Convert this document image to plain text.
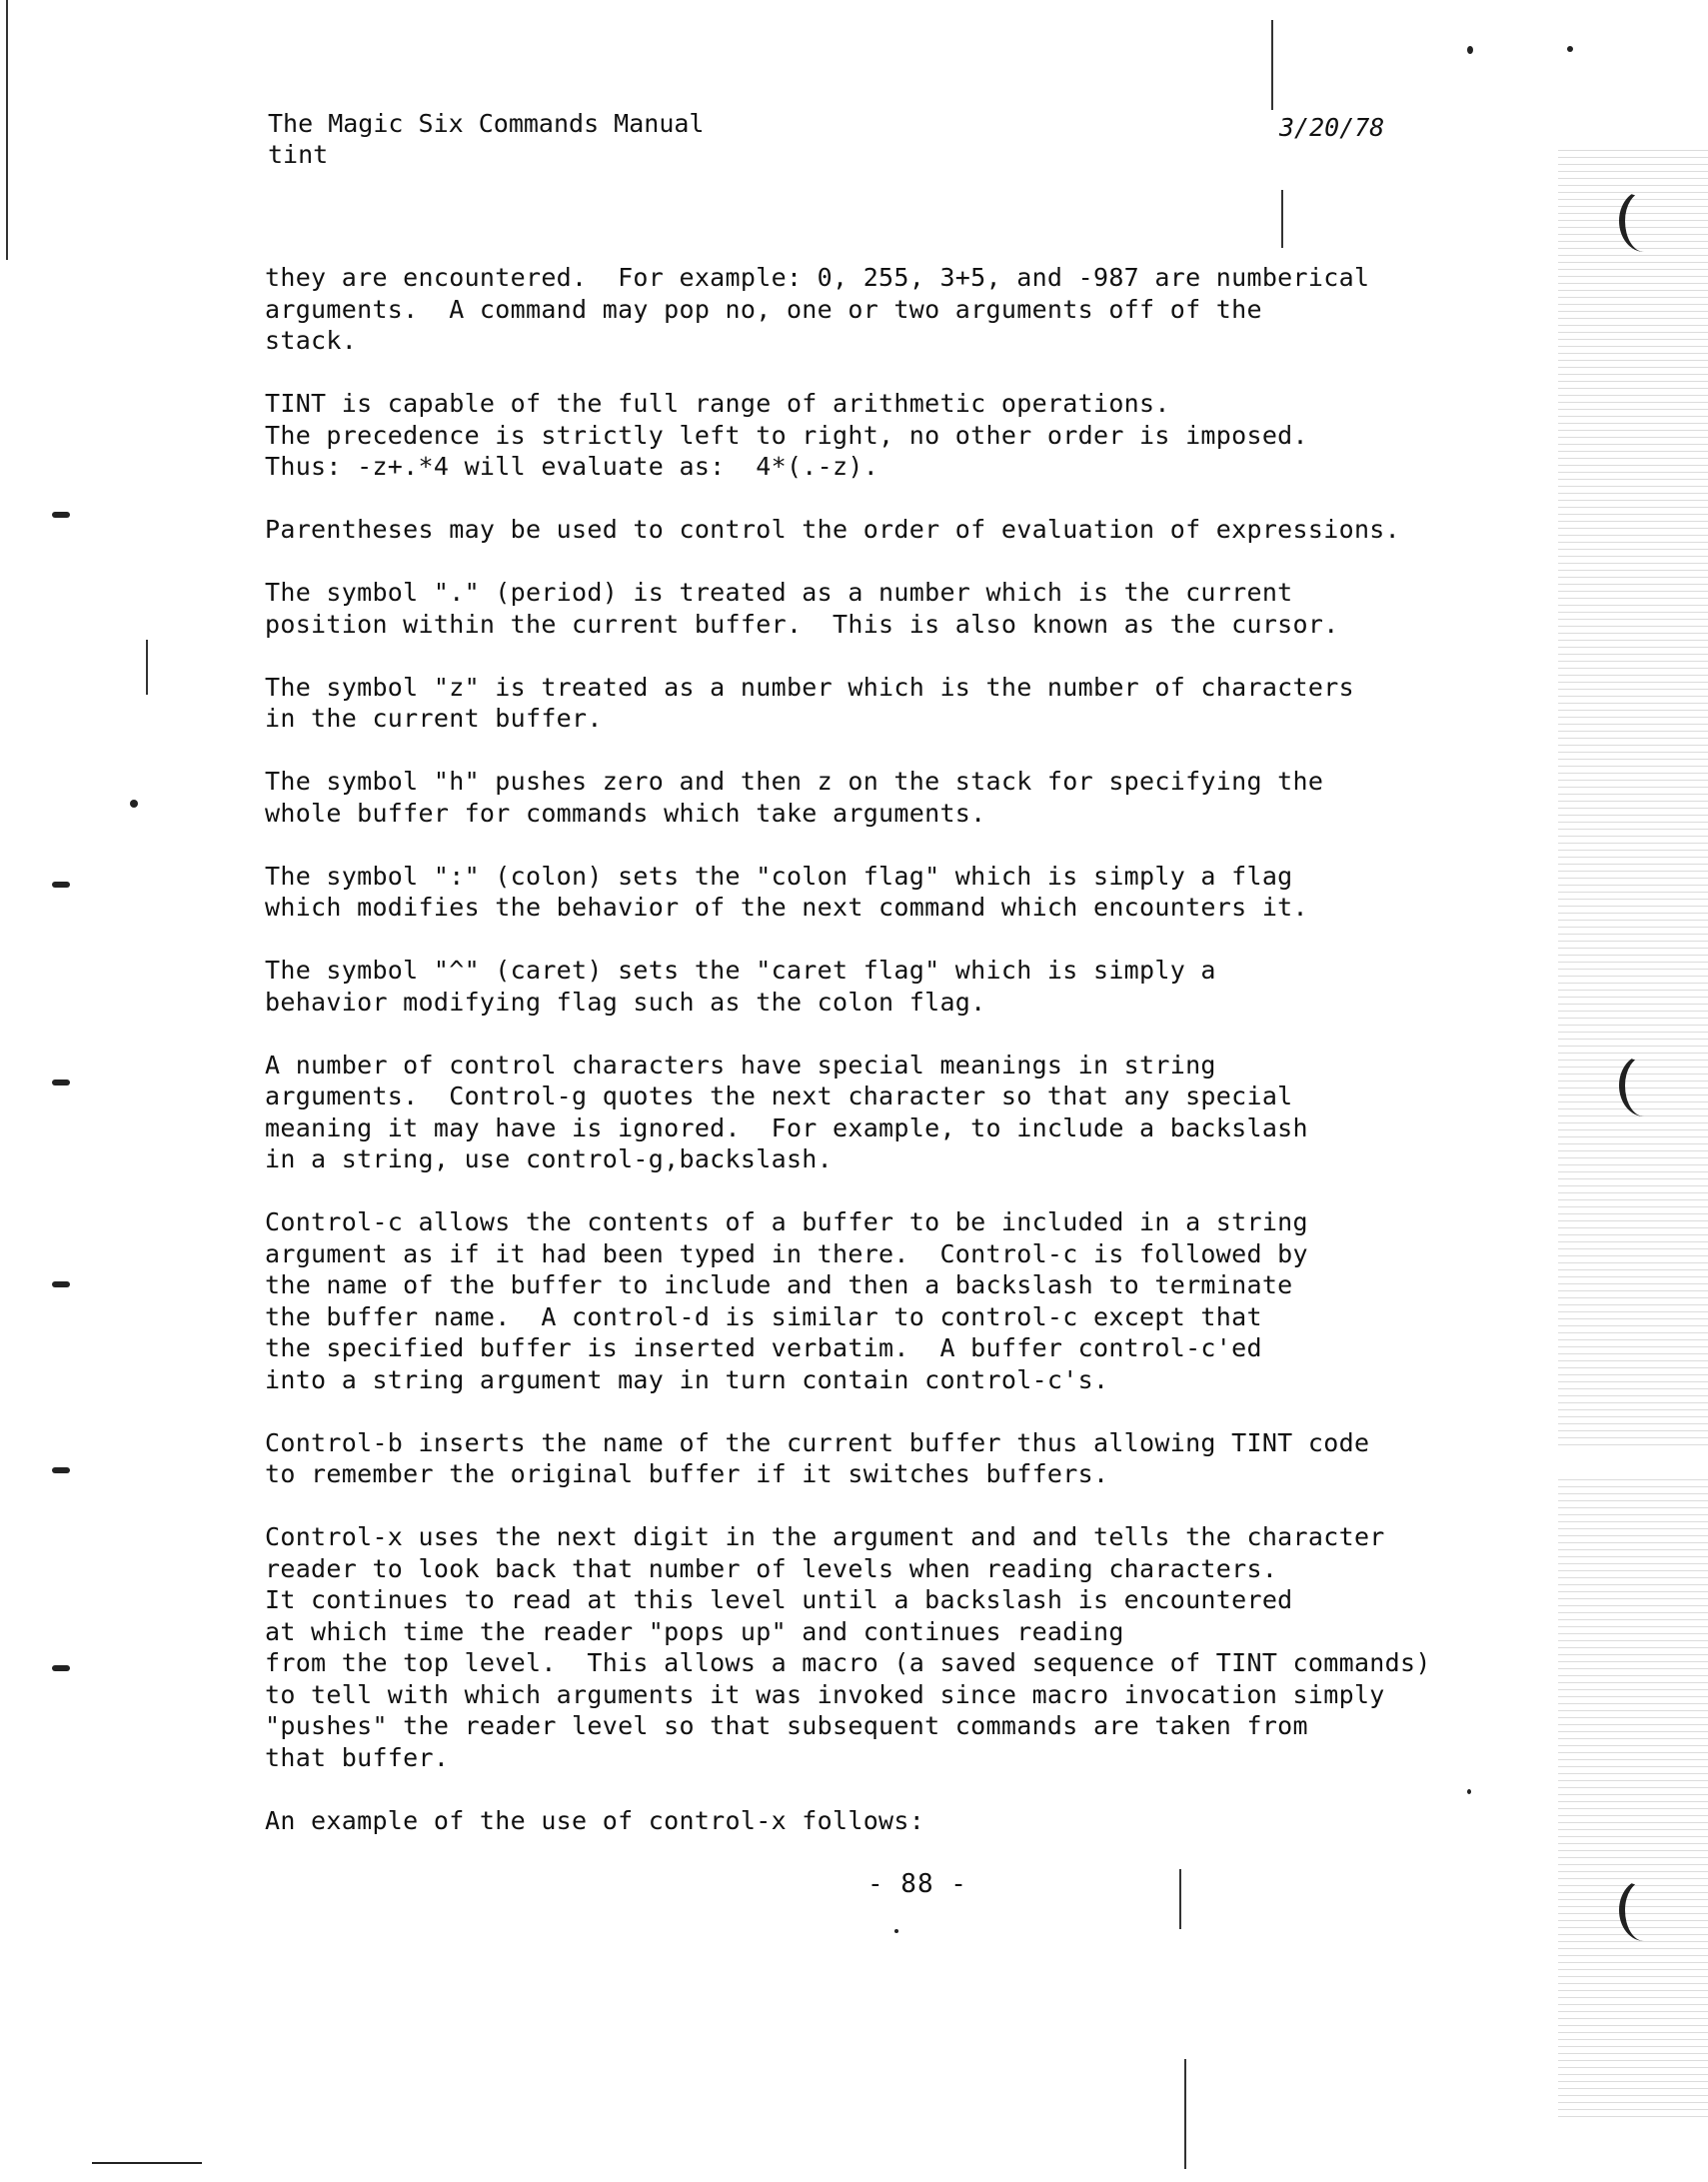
The Magic Six Commands Manual
tint
3/20/78
they are encountered.  For example: 0, 255, 3+5, and -987 are numberical
arguments.  A command may pop no, one or two arguments off of the
stack.
TINT is capable of the full range of arithmetic operations.
The precedence is strictly left to right, no other order is imposed.
Thus: -z+.*4 will evaluate as:  4*(.-z).
Parentheses may be used to control the order of evaluation of expressions.
The symbol "." (period) is treated as a number which is the current
position within the current buffer.  This is also known as the cursor.
The symbol "z" is treated as a number which is the number of characters
in the current buffer.
The symbol "h" pushes zero and then z on the stack for specifying the
whole buffer for commands which take arguments.
The symbol ":" (colon) sets the "colon flag" which is simply a flag
which modifies the behavior of the next command which encounters it.
The symbol "^" (caret) sets the "caret flag" which is simply a
behavior modifying flag such as the colon flag.
A number of control characters have special meanings in string
arguments.  Control-g quotes the next character so that any special
meaning it may have is ignored.  For example, to include a backslash
in a string, use control-g,backslash.
Control-c allows the contents of a buffer to be included in a string
argument as if it had been typed in there.  Control-c is followed by
the name of the buffer to include and then a backslash to terminate
the buffer name.  A control-d is similar to control-c except that
the specified buffer is inserted verbatim.  A buffer control-c'ed
into a string argument may in turn contain control-c's.
Control-b inserts the name of the current buffer thus allowing TINT code
to remember the original buffer if it switches buffers.
Control-x uses the next digit in the argument and and tells the character
reader to look back that number of levels when reading characters.
It continues to read at this level until a backslash is encountered
at which time the reader "pops up" and continues reading
from the top level.  This allows a macro (a saved sequence of TINT commands)
to tell with which arguments it was invoked since macro invocation simply
"pushes" the reader level so that subsequent commands are taken from
that buffer.
An example of the use of control-x follows:
- 88 -
